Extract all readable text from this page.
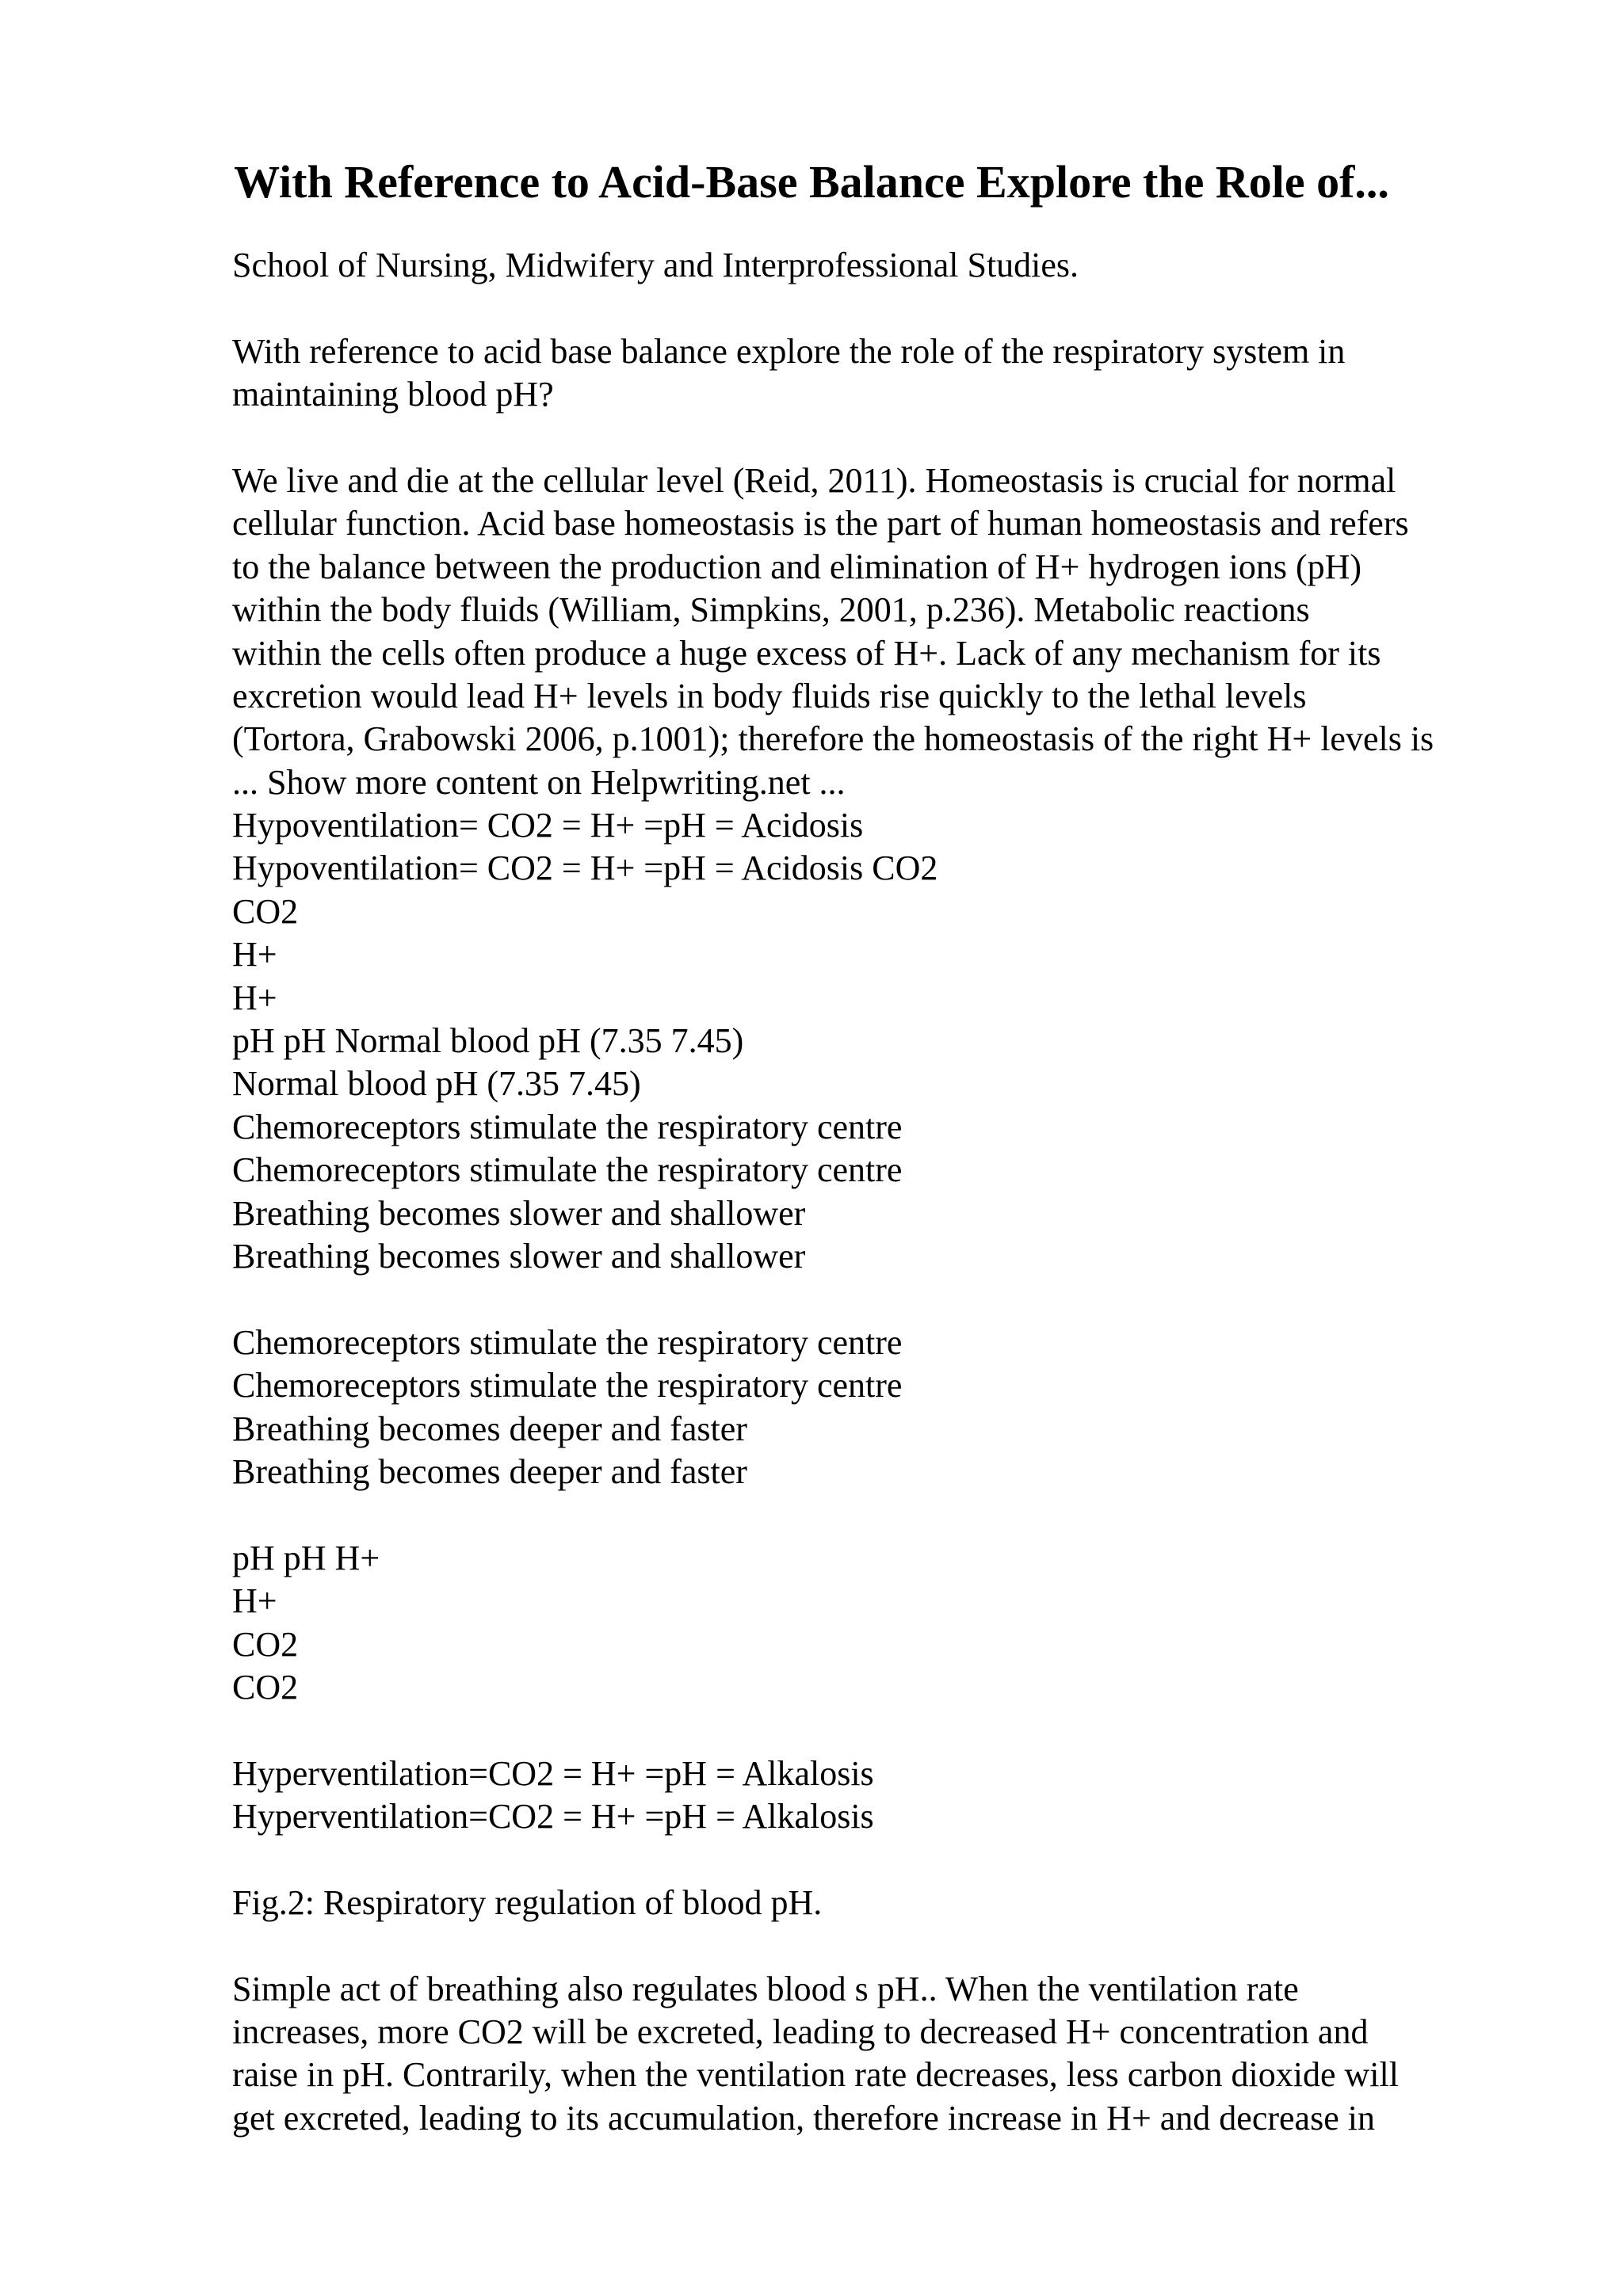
With Reference to Acid-Base Balance Explore the Role of...
School of Nursing, Midwifery and Interprofessional Studies.
With reference to acid base balance explore the role of the respiratory system in
maintaining blood pH?
We live and die at the cellular level (Reid, 2011). Homeostasis is crucial for normal
cellular function. Acid base homeostasis is the part of human homeostasis and refers
to the balance between the production and elimination of H+ hydrogen ions (pH)
within the body fluids (William, Simpkins, 2001, p.236). Metabolic reactions
within the cells often produce a huge excess of H+. Lack of any mechanism for its
excretion would lead H+ levels in body fluids rise quickly to the lethal levels
(Tortora, Grabowski 2006, p.1001); therefore the homeostasis of the right H+ levels is
... Show more content on Helpwriting.net ...
Hypoventilation= CO2 = H+ =pH = Acidosis
Hypoventilation= CO2 = H+ =pH = Acidosis CO2
CO2
H+
H+
pH pH Normal blood pH (7.35 7.45)
Normal blood pH (7.35 7.45)
Chemoreceptors stimulate the respiratory centre
Chemoreceptors stimulate the respiratory centre
Breathing becomes slower and shallower
Breathing becomes slower and shallower
Chemoreceptors stimulate the respiratory centre
Chemoreceptors stimulate the respiratory centre
Breathing becomes deeper and faster
Breathing becomes deeper and faster
pH pH H+
H+
CO2
CO2
Hyperventilation=CO2 = H+ =pH = Alkalosis
Hyperventilation=CO2 = H+ =pH = Alkalosis
Fig.2: Respiratory regulation of blood pH.
Simple act of breathing also regulates blood s pH.. When the ventilation rate
increases, more CO2 will be excreted, leading to decreased H+ concentration and
raise in pH. Contrarily, when the ventilation rate decreases, less carbon dioxide will
get excreted, leading to its accumulation, therefore increase in H+ and decrease in
